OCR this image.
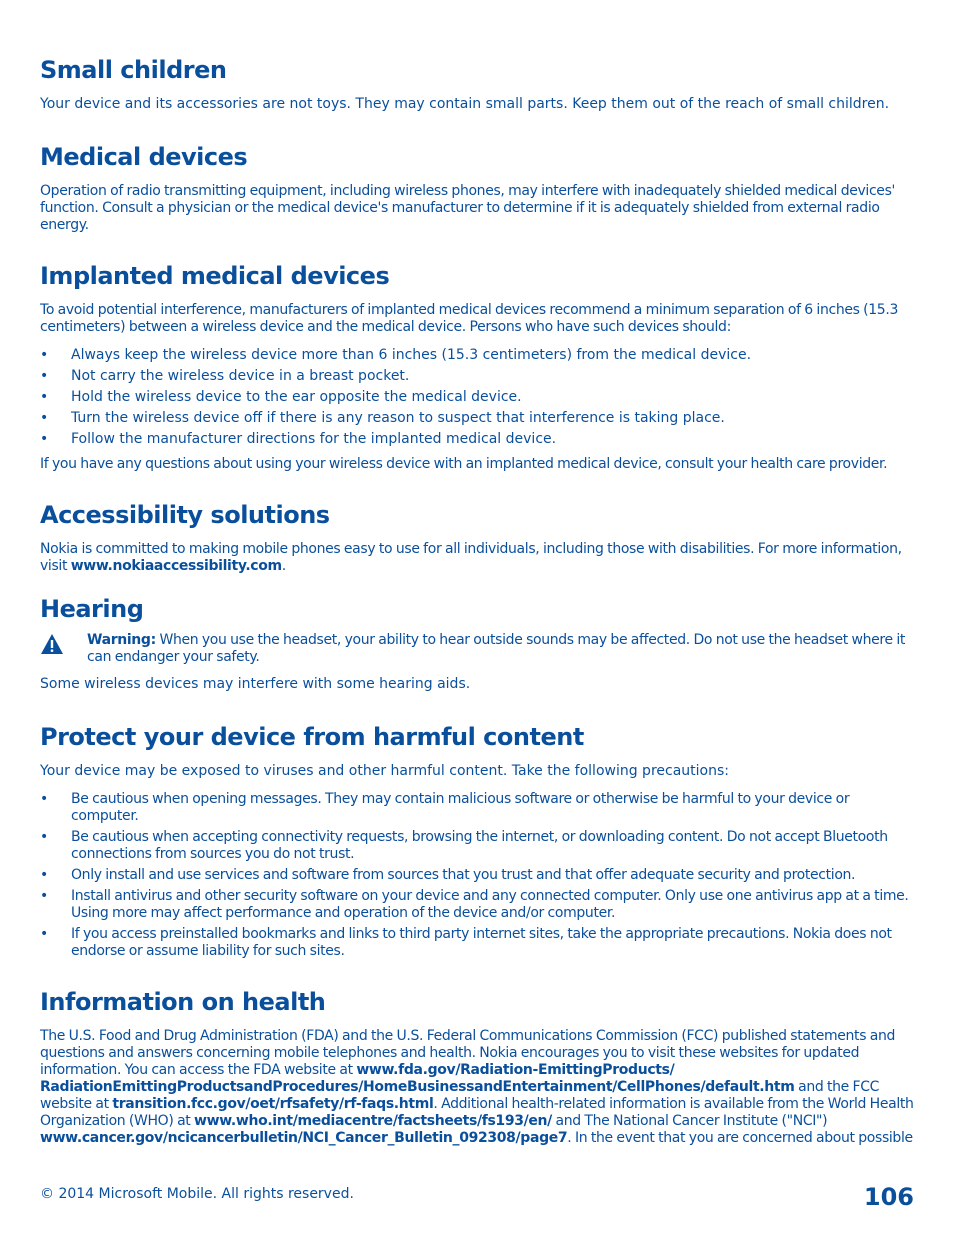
Small children

Your device and its accessories are not toys. They may contain small parts. Keep them out of the reach of small children.

Medical devices

Operation of radio transmitting equipment, including wireless phones, may interfere with inadequately shielded medical devices' function. Consult a physician or the medical device's manufacturer to determine if it is adequately shielded from external radio energy.

Implanted medical devices

To avoid potential interference, manufacturers of implanted medical devices recommend a minimum separation of 6 inches (15.3 centimeters) between a wireless device and the medical device. Persons who have such devices should:

• Always keep the wireless device more than 6 inches (15.3 centimeters) from the medical device.
• Not carry the wireless device in a breast pocket.
• Hold the wireless device to the ear opposite the medical device.
• Turn the wireless device off if there is any reason to suspect that interference is taking place.
• Follow the manufacturer directions for the implanted medical device.

If you have any questions about using your wireless device with an implanted medical device, consult your health care provider.

Accessibility solutions

Nokia is committed to making mobile phones easy to use for all individuals, including those with disabilities. For more information, visit www.nokiaaccessibility.com.

Hearing

Warning: When you use the headset, your ability to hear outside sounds may be affected. Do not use the headset where it can endanger your safety.

Some wireless devices may interfere with some hearing aids.

Protect your device from harmful content

Your device may be exposed to viruses and other harmful content. Take the following precautions:

• Be cautious when opening messages. They may contain malicious software or otherwise be harmful to your device or computer.
• Be cautious when accepting connectivity requests, browsing the internet, or downloading content. Do not accept Bluetooth connections from sources you do not trust.
• Only install and use services and software from sources that you trust and that offer adequate security and protection.
• Install antivirus and other security software on your device and any connected computer. Only use one antivirus app at a time. Using more may affect performance and operation of the device and/or computer.
• If you access preinstalled bookmarks and links to third party internet sites, take the appropriate precautions. Nokia does not endorse or assume liability for such sites.
Information on health

The U.S. Food and Drug Administration (FDA) and the U.S. Federal Communications Commission (FCC) published statements and questions and answers concerning mobile telephones and health. Nokia encourages you to visit these websites for updated information. You can access the FDA website at www.fda.gov/Radiation-EmittingProducts/ RadiationEmittingProductsandProcedures/HomeBusinessandEntertainment/CellPhones/default.htm and the FCC website at transition.fcc.gov/oet/rfsafety/rf-faqs.html. Additional health-related information is available from the World Health Organization (WHO) at www.who.int/mediacentre/factsheets/fs193/en/ and The National Cancer Institute ("NCI") www.cancer.gov/ncicancerbulletin/NCI_Cancer_Bulletin_092308/page7. In the event that you are concerned about possible

© 2014 Microsoft Mobile. All rights reserved.	106
